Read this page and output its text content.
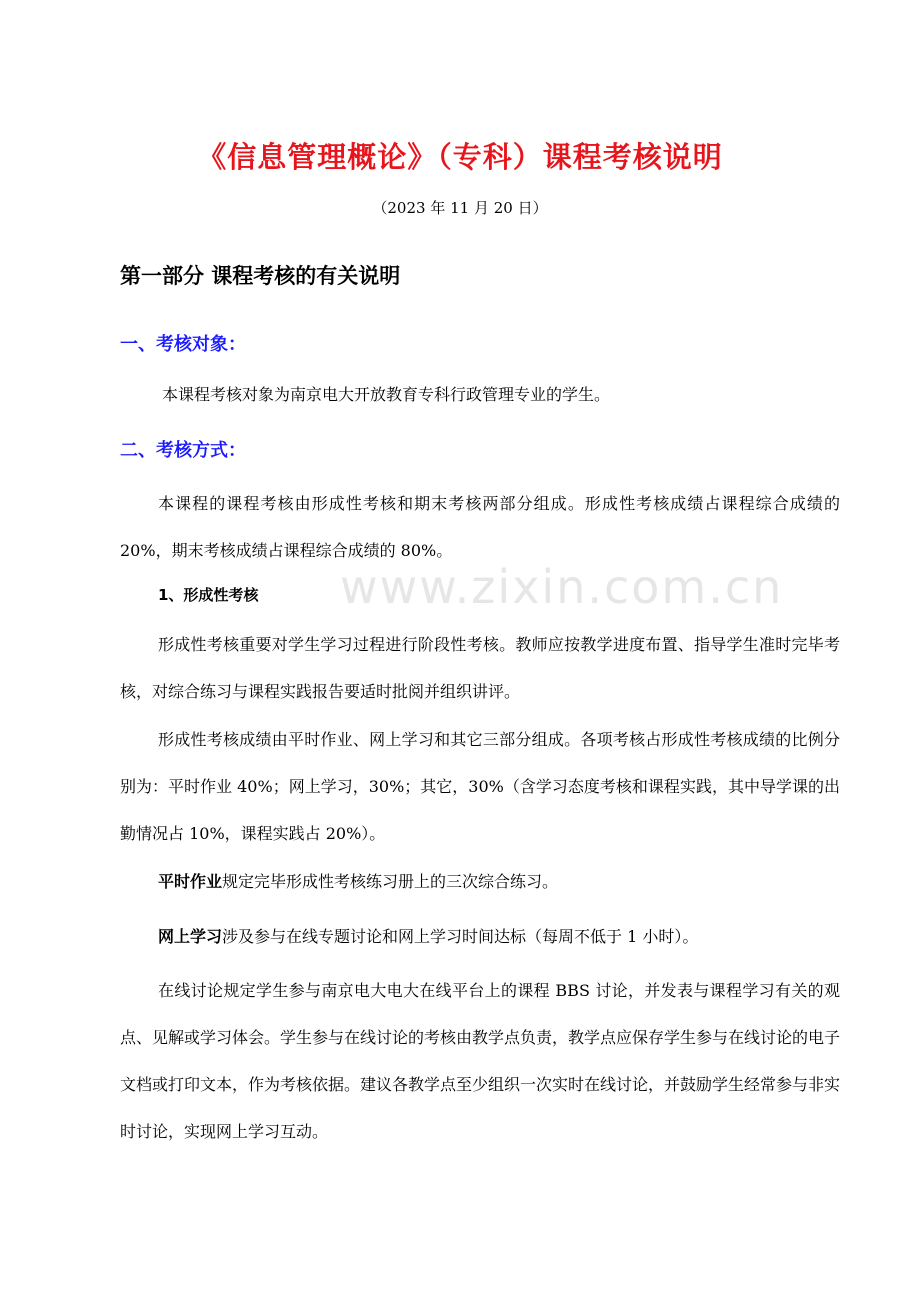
www.zixin.com.cn
《信息管理概论》（专科）课程考核说明
（2023 年 11 月 20 日）
第一部分 课程考核的有关说明
一、考核对象：
本课程考核对象为南京电大开放教育专科行政管理专业的学生。
二、考核方式：
本课程的课程考核由形成性考核和期末考核两部分组成。形成性考核成绩占课程综合成绩的 20%，期末考核成绩占课程综合成绩的 80%。
1、形成性考核
形成性考核重要对学生学习过程进行阶段性考核。教师应按教学进度布置、指导学生准时完毕考核，对综合练习与课程实践报告要适时批阅并组织讲评。
形成性考核成绩由平时作业、网上学习和其它三部分组成。各项考核占形成性考核成绩的比例分别为：平时作业 40%；网上学习，30%；其它，30%（含学习态度考核和课程实践，其中导学课的出勤情况占 10%，课程实践占 20%）。
平时作业规定完毕形成性考核练习册上的三次综合练习。
网上学习涉及参与在线专题讨论和网上学习时间达标（每周不低于 1 小时）。
在线讨论规定学生参与南京电大电大在线平台上的课程 BBS 讨论，并发表与课程学习有关的观点、见解或学习体会。学生参与在线讨论的考核由教学点负责，教学点应保存学生参与在线讨论的电子文档或打印文本，作为考核依据。建议各教学点至少组织一次实时在线讨论，并鼓励学生经常参与非实时讨论，实现网上学习互动。
